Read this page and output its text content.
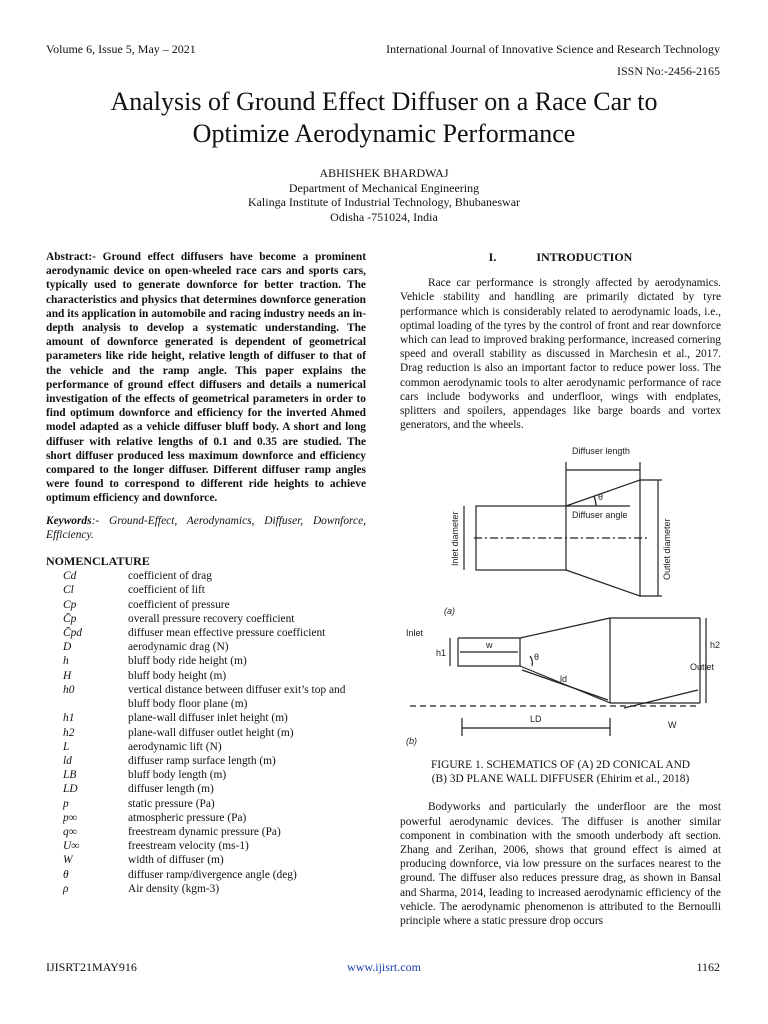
Volume 6, Issue 5, May – 2021	International Journal of Innovative Science and Research Technology
ISSN No:-2456-2165
Analysis of Ground Effect Diffuser on a Race Car to
Optimize Aerodynamic Performance
ABHISHEK BHARDWAJ
Department of Mechanical Engineering
Kalinga Institute of Industrial Technology, Bhubaneswar
Odisha -751024, India

Abstract:- Ground effect diffusers have become a prominent aerodynamic device on open-wheeled race cars and sports cars, typically used to generate downforce for better traction. The characteristics and physics that determines downforce generation and its application in automobile and racing industry needs an in-depth analysis to develop a systematic understanding. The amount of downforce generated is dependent of geometrical parameters like ride height, relative length of diffuser to that of the vehicle and the ramp angle. This paper explains the performance of ground effect diffusers and details a numerical investigation of the effects of geometrical parameters in order to find optimum downforce and efficiency for the inverted Ahmed model adapted as a vehicle diffuser bluff body. A short and long diffuser with relative lengths of 0.1 and 0.35 are studied. The short diffuser produced less maximum downforce and efficiency compared to the longer diffuser. Different diffuser ramp angles were found to correspond to different ride heights to achieve optimum efficiency and downforce.

Keywords:- Ground-Effect, Aerodynamics, Diffuser, Downforce, Efficiency.

NOMENCLATURE
Cd	coefficient of drag
Cl	coefficient of lift
Cp	coefficient of pressure
C̄p	overall pressure recovery coefficient
C̄pd	diffuser mean effective pressure coefficient
D	aerodynamic drag (N)
h	bluff body ride height (m)
H	bluff body height (m)
h0	vertical distance between diffuser exit’s top and bluff body floor plane (m)
h1	plane-wall diffuser inlet height (m)
h2	plane-wall diffuser outlet height (m)
L	aerodynamic lift (N)
ld	diffuser ramp surface length (m)
LB	bluff body length (m)
LD	diffuser length (m)
p	static pressure (Pa)
p∞	atmospheric pressure (Pa)
q∞	freestream dynamic pressure (Pa)
U∞	freestream velocity (ms-1)
W	width of diffuser (m)
θ	diffuser ramp/divergence angle (deg)
ρ	Air density (kgm-3)
I.	INTRODUCTION

Race car performance is strongly affected by aerodynamics. Vehicle stability and handling are primarily dictated by tyre performance which is considerably related to aerodynamic loads, i.e., optimal loading of the tyres by the control of front and rear downforce which can lead to improved braking performance, increased cornering speed and overall stability as discussed in Marchesin et al., 2017. Drag reduction is also an important factor to reduce power loss. The common aerodynamic tools to alter aerodynamic performance of race cars include bodyworks and underfloor, wings with endplates, splitters and spoilers, appendages like barge boards and vortex generators, and the wheels.

Diffuser length
θ
Diffuser angle
Inlet diameter	Outlet diameter
(a)
Inlet
h1
w
θ
h2
Outlet
ld
LD
W
(b)

FIGURE 1. SCHEMATICS OF (A) 2D CONICAL AND

(B) 3D PLANE WALL DIFFUSER (Ehirim et al., 2018)

Bodyworks and particularly the underfloor are the most powerful aerodynamic devices. The diffuser is another similar component in combination with the smooth underbody aft section. Zhang and Zerihan, 2006, shows that ground effect is aimed at producing downforce, via low pressure on the surfaces nearest to the ground. The diffuser also reduces pressure drag, as shown in Bansal and Sharma, 2014, leading to increased aerodynamic efficiency of the vehicle. The aerodynamic phenomenon is attributed to the Bernoulli principle where a static pressure drop occurs

IJISRT21MAY916	www.ijisrt.com	1162
